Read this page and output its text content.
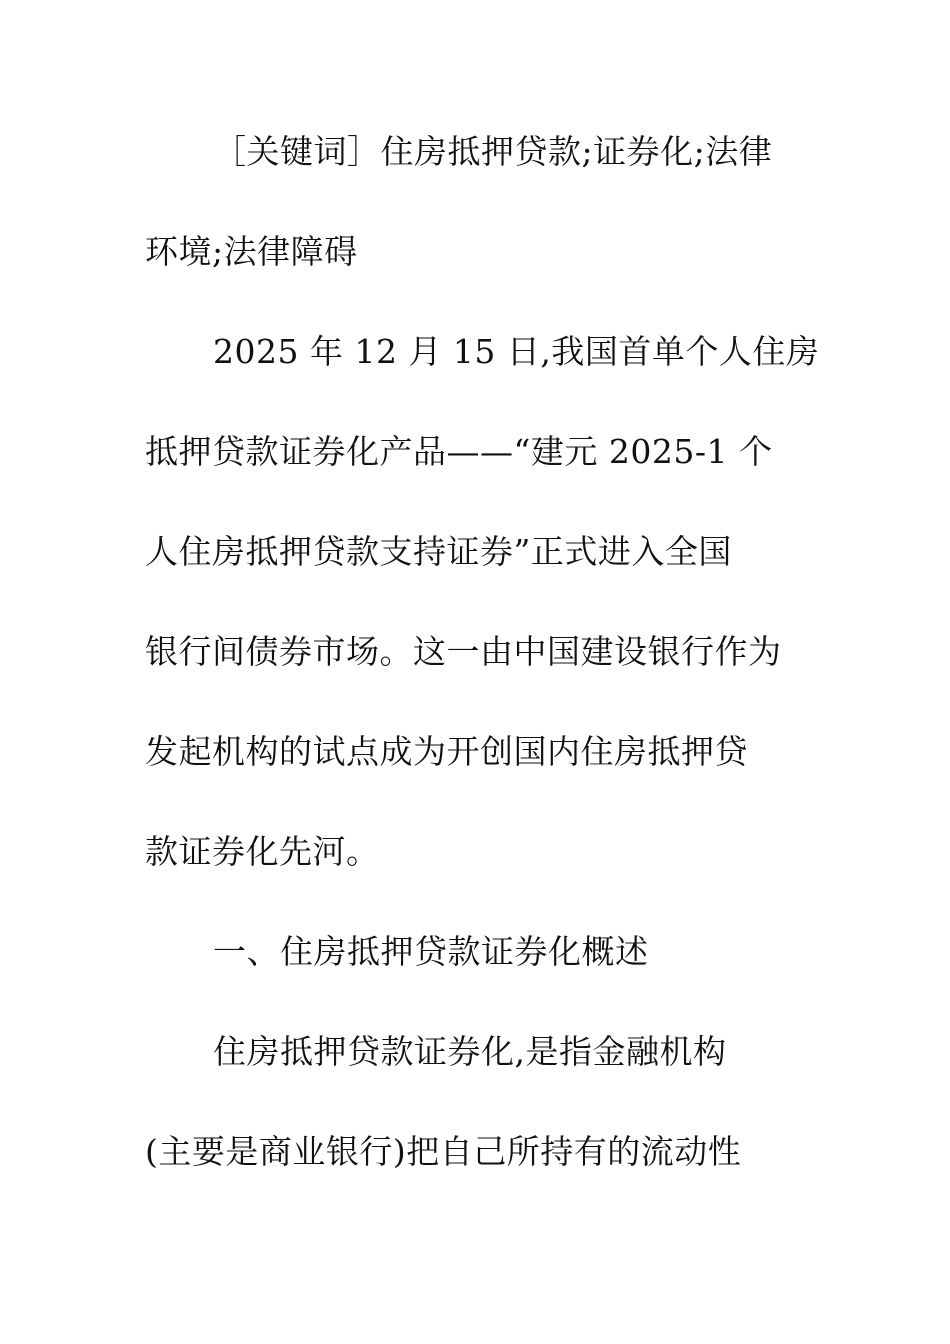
［关键词］住房抵押贷款;证券化;法律
环境;法律障碍
2025 年 12 月 15 日,我国首单个人住房
抵押贷款证券化产品——“建元 2025-1 个
人住房抵押贷款支持证券”正式进入全国
银行间债券市场。这一由中国建设银行作为
发起机构的试点成为开创国内住房抵押贷
款证券化先河。
一、住房抵押贷款证券化概述
住房抵押贷款证券化,是指金融机构
(主要是商业银行)把自己所持有的流动性
